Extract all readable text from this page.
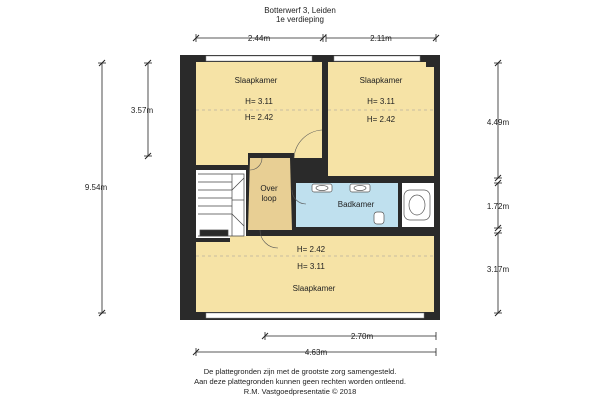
Botterwerf 3, Leiden
1e verdieping
2.44m	2.11m
3.57m
9.54m
4.49m
1.72m
3.17m
2.70m
4.63m
Slaapkamer
H= 3.11
H= 2.42
Slaapkamer
H= 3.11
H= 2.42
Over
loop
Badkamer
H= 2.42
H= 3.11
Slaapkamer
De plattegronden zijn met de grootste zorg samengesteld.
Aan deze plattegronden kunnen geen rechten worden ontleend.
R.M. Vastgoedpresentatie © 2018
